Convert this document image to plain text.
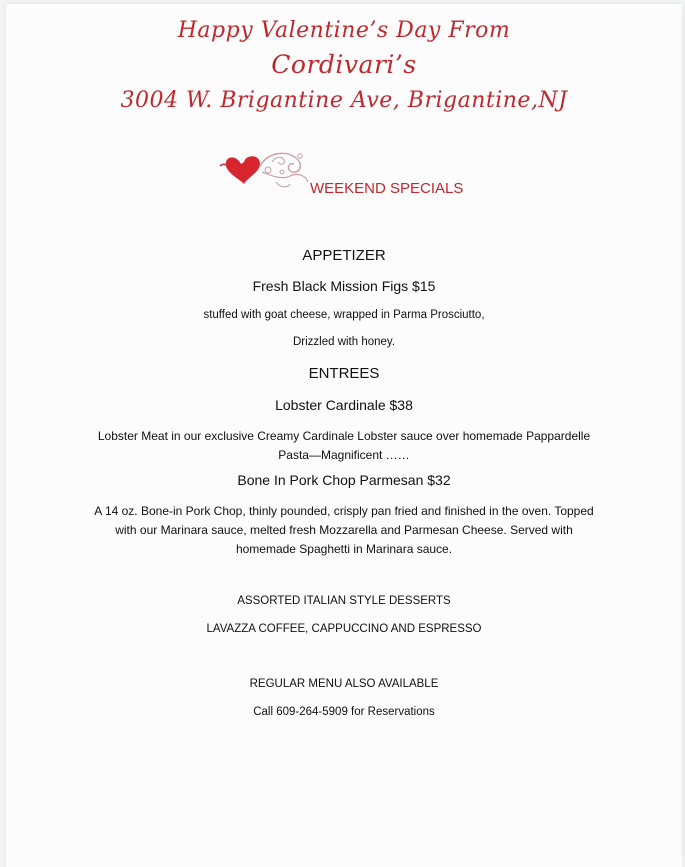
Happy Valentine’s Day From
Cordivari’s
3004 W. Brigantine Ave, Brigantine,NJ
WEEKEND SPECIALS
APPETIZER
Fresh Black Mission Figs $15
stuffed with goat cheese, wrapped in Parma Prosciutto,
Drizzled with honey.
ENTREES
Lobster Cardinale $38
Lobster Meat in our exclusive Creamy Cardinale Lobster sauce over homemade Pappardelle
Pasta—Magnificent ……
Bone In Pork Chop Parmesan $32
A 14 oz. Bone-in Pork Chop, thinly pounded, crisply pan fried and finished in the oven. Topped
with our Marinara sauce, melted fresh Mozzarella and Parmesan Cheese. Served with
homemade Spaghetti in Marinara sauce.
ASSORTED ITALIAN STYLE DESSERTS
LAVAZZA COFFEE, CAPPUCCINO AND ESPRESSO
REGULAR MENU ALSO AVAILABLE
Call 609-264-5909 for Reservations
